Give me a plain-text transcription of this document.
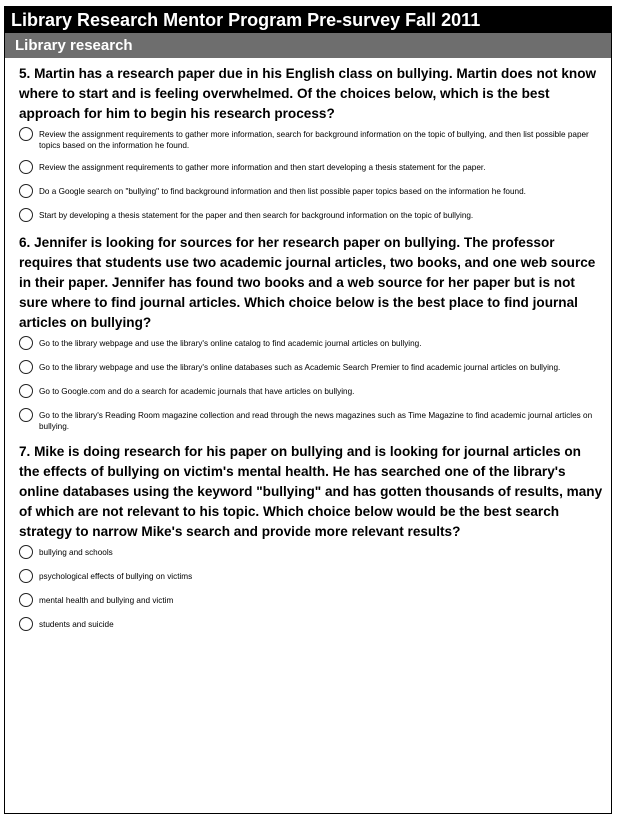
Library Research Mentor Program Pre-survey Fall 2011
Library research
5. Martin has a research paper due in his English class on bullying. Martin does not know where to start and is feeling overwhelmed. Of the choices below, which is the best approach for him to begin his research process?
Review the assignment requirements to gather more information, search for background information on the topic of bullying, and then list possible paper topics based on the information he found.
Review the assignment requirements to gather more information and then start developing a thesis statement for the paper.
Do a Google search on "bullying" to find background information and then list possible paper topics based on the information he found.
Start by developing a thesis statement for the paper and then search for background information on the topic of bullying.
6. Jennifer is looking for sources for her research paper on bullying. The professor requires that students use two academic journal articles, two books, and one web source in their paper. Jennifer has found two books and a web source for her paper but is not sure where to find journal articles. Which choice below is the best place to find journal articles on bullying?
Go to the library webpage and use the library's online catalog to find academic journal articles on bullying.
Go to the library webpage and use the library's online databases such as Academic Search Premier to find academic journal articles on bullying.
Go to Google.com and do a search for academic journals that have articles on bullying.
Go to the library's Reading Room magazine collection and read through the news magazines such as Time Magazine to find academic journal articles on bullying.
7. Mike is doing research for his paper on bullying and is looking for journal articles on the effects of bullying on victim's mental health. He has searched one of the library's online databases using the keyword "bullying" and has gotten thousands of results, many of which are not relevant to his topic. Which choice below would be the best search strategy to narrow Mike's search and provide more relevant results?
bullying and schools
psychological effects of bullying on victims
mental health and bullying and victim
students and suicide
